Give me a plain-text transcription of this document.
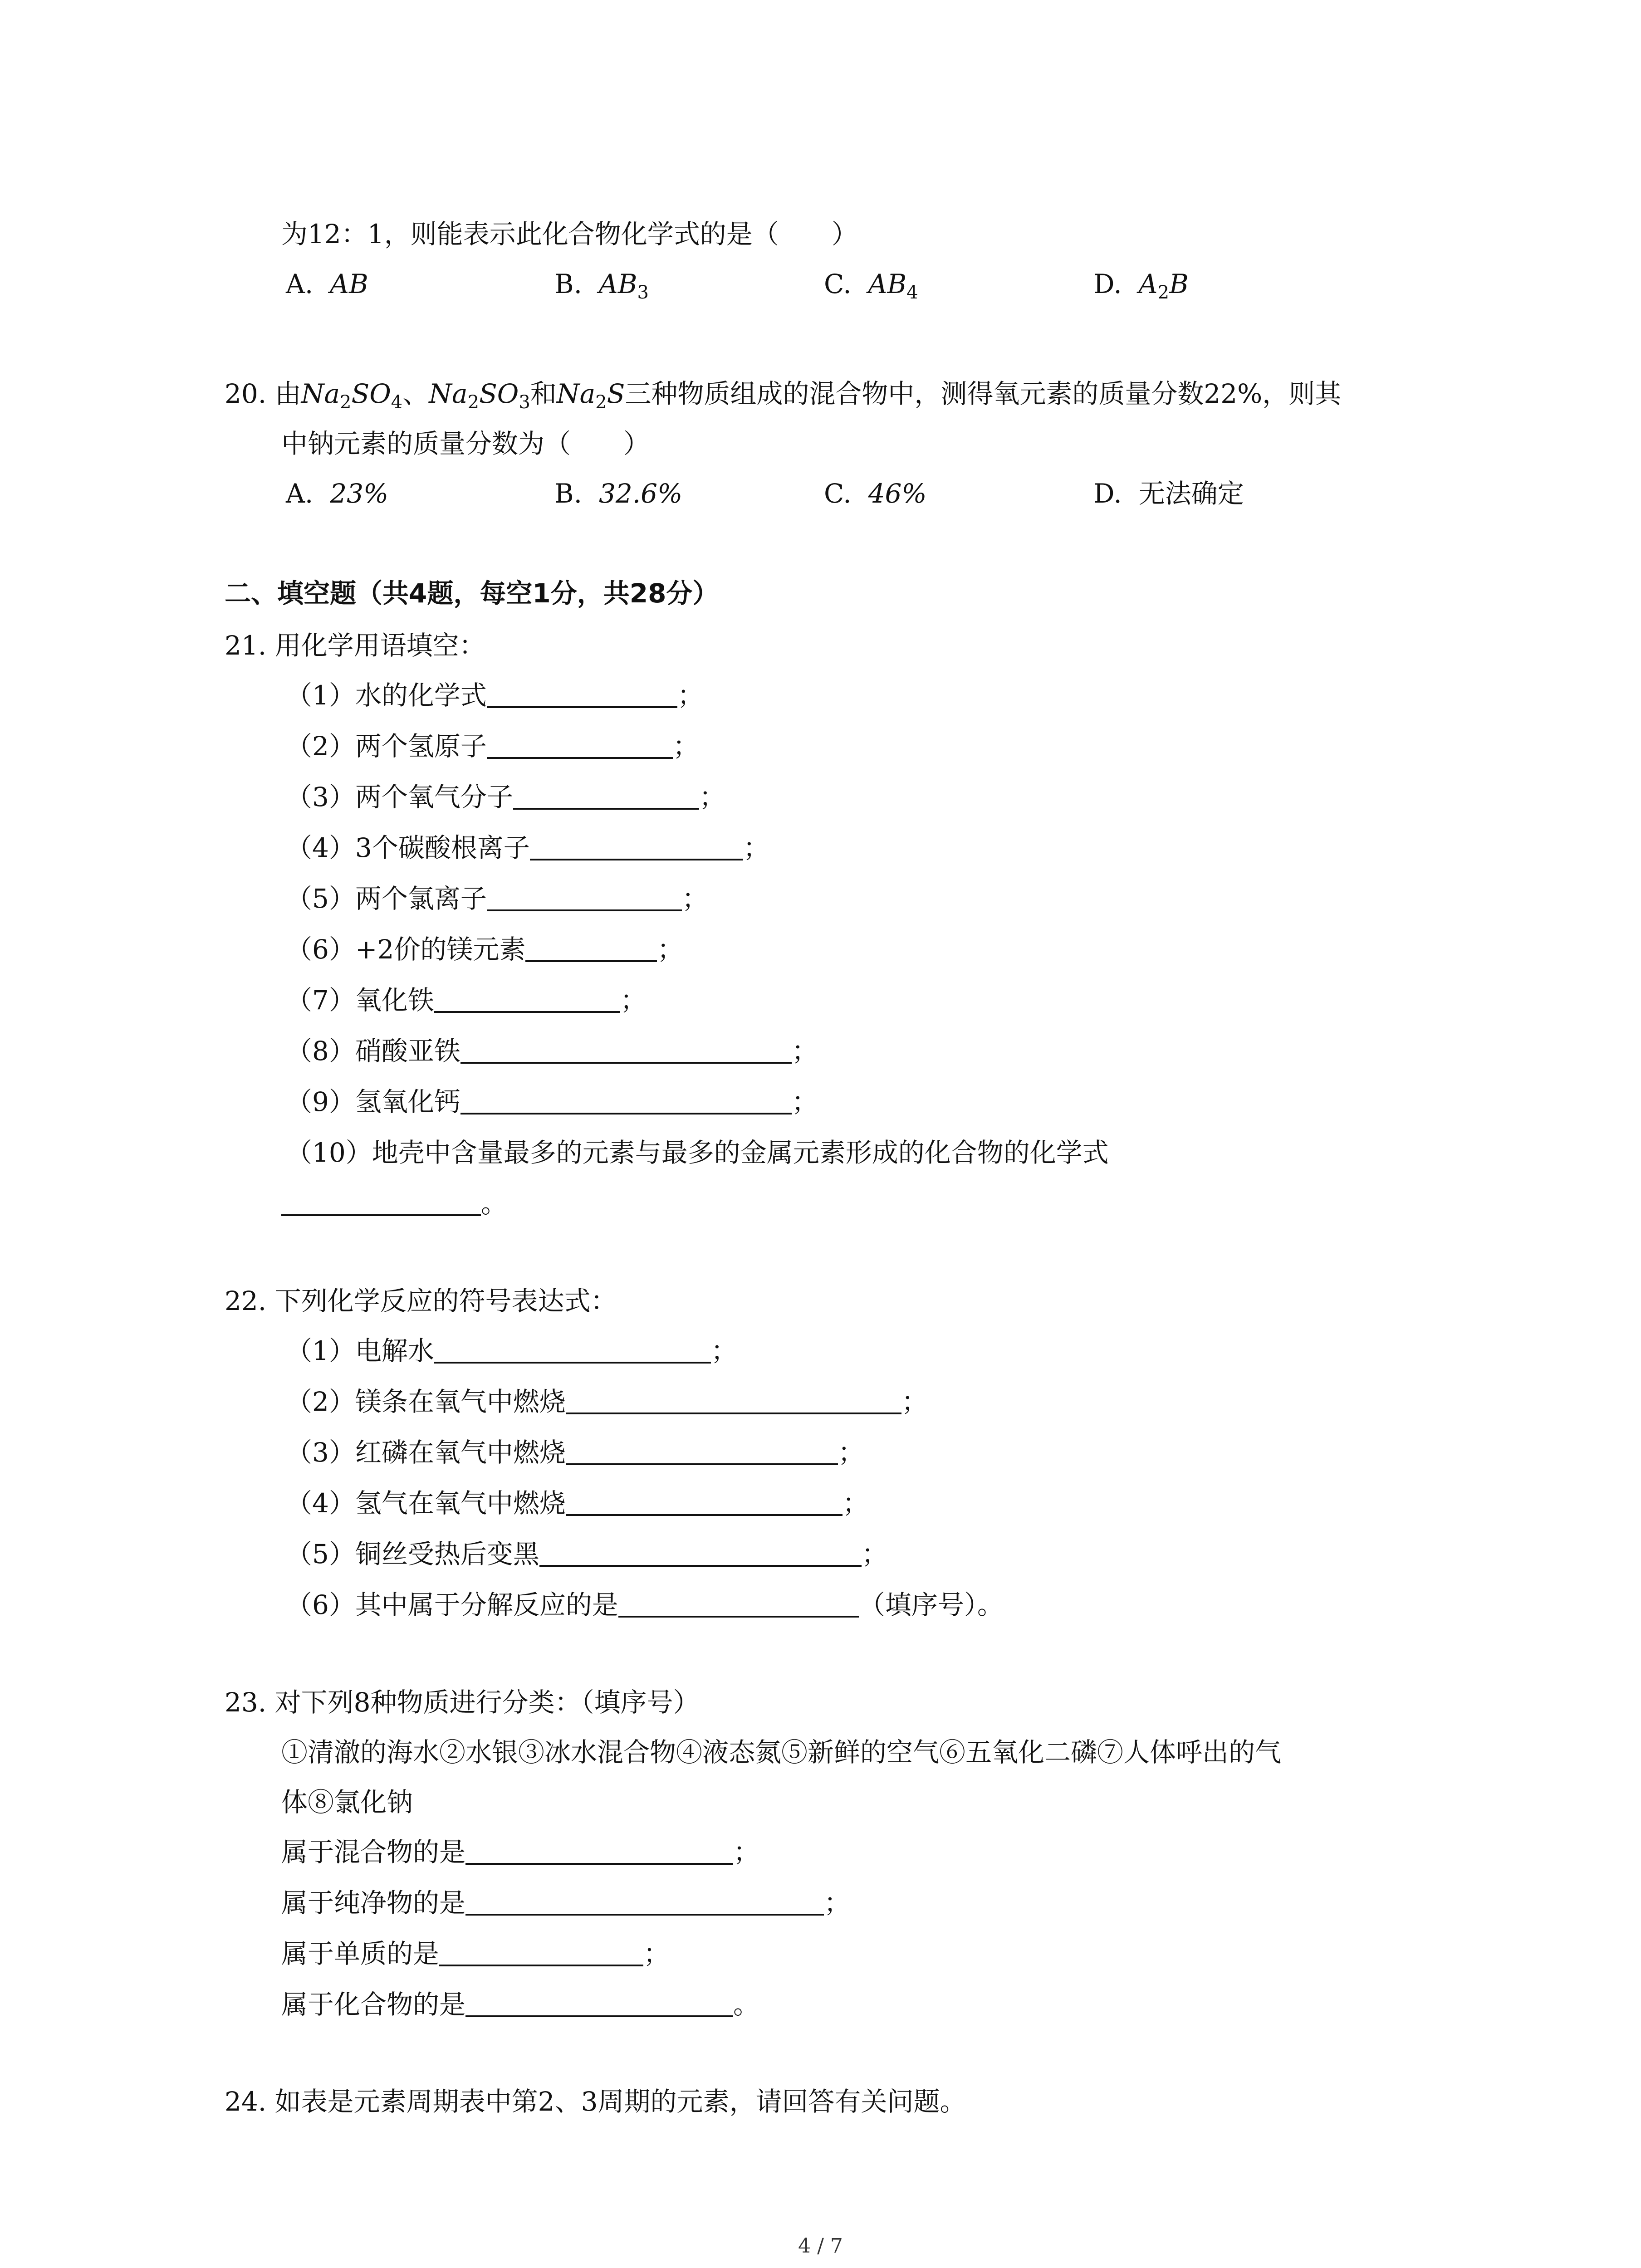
为12：1，则能表示此化合物化学式的是（　　）
A. AB	B. $AB_3$	C. $AB_4$	D. $A_2B$
20. 由$Na_2SO_4$、$Na_2SO_3$和$Na_2S$三种物质组成的混合物中，测得氧元素的质量分数22%，则其
中钠元素的质量分数为（　　）
A. 23%	B. 32.6%	C. 46%	D. 无法确定
二、填空题（共4题，每空1分，共28分）
21. 用化学用语填空：
（1）水的化学式	；
（2）两个氢原子	；
（3）两个氧气分子	；
（4）3个碳酸根离子	；
（5）两个氯离子	；
（6）+2价的镁元素	；
（7）氧化铁	；
（8）硝酸亚铁	；
（9）氢氧化钙	；
（10）地壳中含量最多的元素与最多的金属元素形成的化合物的化学式
。
22. 下列化学反应的符号表达式：
（1）电解水	；
（2）镁条在氧气中燃烧	；
（3）红磷在氧气中燃烧	；
（4）氢气在氧气中燃烧	；
（5）铜丝受热后变黑	；
（6）其中属于分解反应的是	（填序号）。
23. 对下列8种物质进行分类：（填序号）
①清澈的海水②水银③冰水混合物④液态氮⑤新鲜的空气⑥五氧化二磷⑦人体呼出的气
体⑧氯化钠
属于混合物的是	；
属于纯净物的是	；
属于单质的是	；
属于化合物的是	。
24. 如表是元素周期表中第2、3周期的元素，请回答有关问题。
4 / 7
